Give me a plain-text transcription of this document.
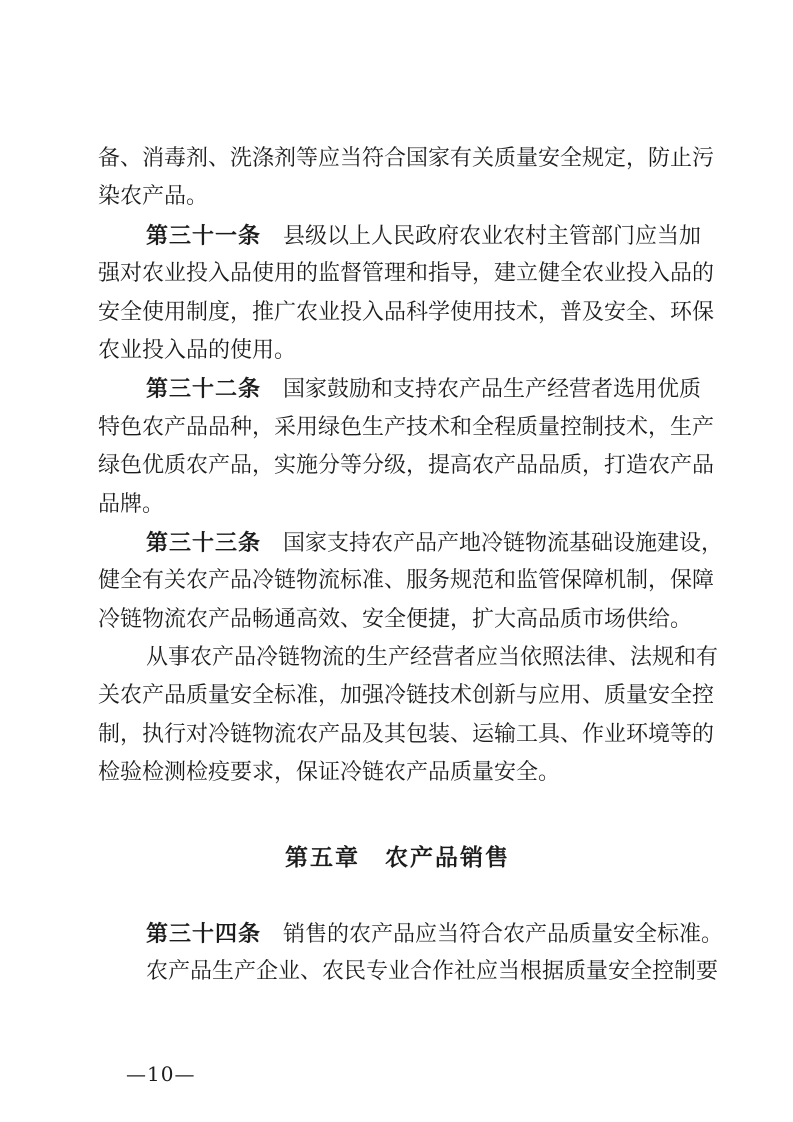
备、消毒剂、洗涤剂等应当符合国家有关质量安全规定，防止污
染农产品。
第三十一条 县级以上人民政府农业农村主管部门应当加
强对农业投入品使用的监督管理和指导，建立健全农业投入品的
安全使用制度，推广农业投入品科学使用技术，普及安全、环保
农业投入品的使用。
第三十二条 国家鼓励和支持农产品生产经营者选用优质
特色农产品品种，采用绿色生产技术和全程质量控制技术，生产
绿色优质农产品，实施分等分级，提高农产品品质，打造农产品
品牌。
第三十三条 国家支持农产品产地冷链物流基础设施建设，
健全有关农产品冷链物流标准、服务规范和监管保障机制，保障
冷链物流农产品畅通高效、安全便捷，扩大高品质市场供给。
从事农产品冷链物流的生产经营者应当依照法律、法规和有
关农产品质量安全标准，加强冷链技术创新与应用、质量安全控
制，执行对冷链物流农产品及其包装、运输工具、作业环境等的
检验检测检疫要求，保证冷链农产品质量安全。
第五章　农产品销售
第三十四条 销售的农产品应当符合农产品质量安全标准。
农产品生产企业、农民专业合作社应当根据质量安全控制要
—10—
